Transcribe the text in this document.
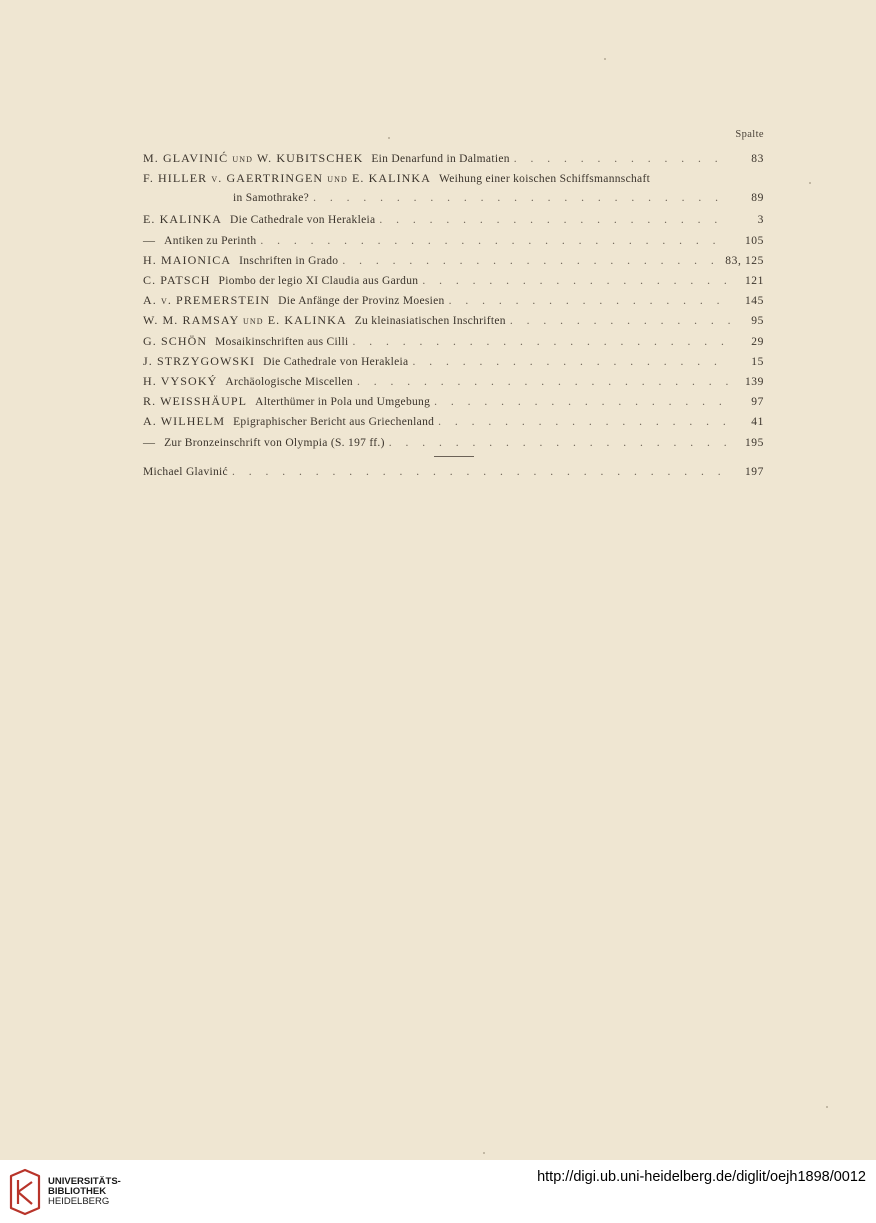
Spalte
M. GLAVINIĆ und W. KUBITSCHEK Ein Denarfund in Dalmatien . . .	83
F. HILLER v. GAERTRINGEN und E. KALINKA Weihung einer koischen Schiffsmannschaft
in Samothrake? . . .	89
E. KALINKA Die Cathedrale von Herakleia . . .	3
— Antiken zu Perinth . . .	105
H. MAIONICA Inschriften in Grado . . .	83, 125
C. PATSCH Piombo der legio XI Claudia aus Gardun . . .	121
A. v. PREMERSTEIN Die Anfänge der Provinz Moesien . . .	145
W. M. RAMSAY und E. KALINKA Zu kleinasiatischen Inschriften . . .	95
G. SCHÖN Mosaikinschriften aus Cilli . . .	29
J. STRZYGOWSKI Die Cathedrale von Herakleia . . .	15
H. VYSOKÝ Archäologische Miscellen . . .	139
R. WEISSHÄUPL Alterthümer in Pola und Umgebung . . .	97
A. WILHELM Epigraphischer Bericht aus Griechenland . . .	41
— Zur Bronzeinschrift von Olympia (S. 197 ff.) . . .	195
Michael Glavinić . . .	197
UNIVERSITÄTS-
BIBLIOTHEK
HEIDELBERG
http://digi.ub.uni-heidelberg.de/diglit/oejh1898/0012
